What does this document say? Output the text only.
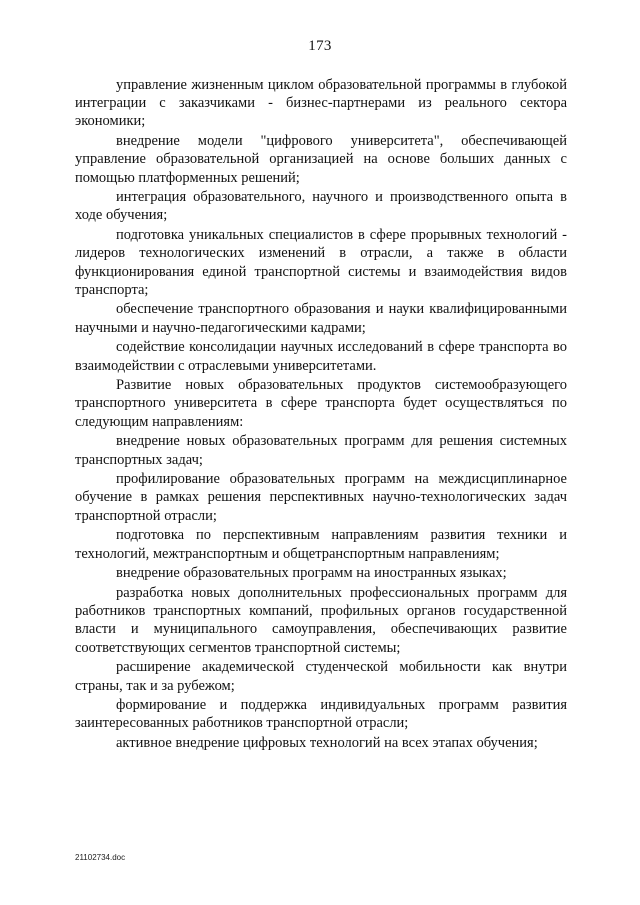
173

управление жизненным циклом образовательной программы в глубокой интеграции с заказчиками - бизнес-партнерами из реального сектора экономики;

внедрение модели "цифрового университета", обеспечивающей управление образовательной организацией на основе больших данных с помощью платформенных решений;

интеграция образовательного, научного и производственного опыта в ходе обучения;

подготовка уникальных специалистов в сфере прорывных технологий - лидеров технологических изменений в отрасли, а также в области функционирования единой транспортной системы и взаимодействия видов транспорта;

обеспечение транспортного образования и науки квалифицированными научными и научно-педагогическими кадрами;

содействие консолидации научных исследований в сфере транспорта во взаимодействии с отраслевыми университетами.

Развитие новых образовательных продуктов системообразующего транспортного университета в сфере транспорта будет осуществляться по следующим направлениям:

внедрение новых образовательных программ для решения системных транспортных задач;

профилирование образовательных программ на междисциплинарное обучение в рамках решения перспективных научно-технологических задач транспортной отрасли;

подготовка по перспективным направлениям развития техники и технологий, межтранспортным и общетранспортным направлениям;

внедрение образовательных программ на иностранных языках;

разработка новых дополнительных профессиональных программ для работников транспортных компаний, профильных органов государственной власти и муниципального самоуправления, обеспечивающих развитие соответствующих сегментов транспортной системы;

расширение академической студенческой мобильности как внутри страны, так и за рубежом;

формирование и поддержка индивидуальных программ развития заинтересованных работников транспортной отрасли;

активное внедрение цифровых технологий на всех этапах обучения;

21102734.doc
